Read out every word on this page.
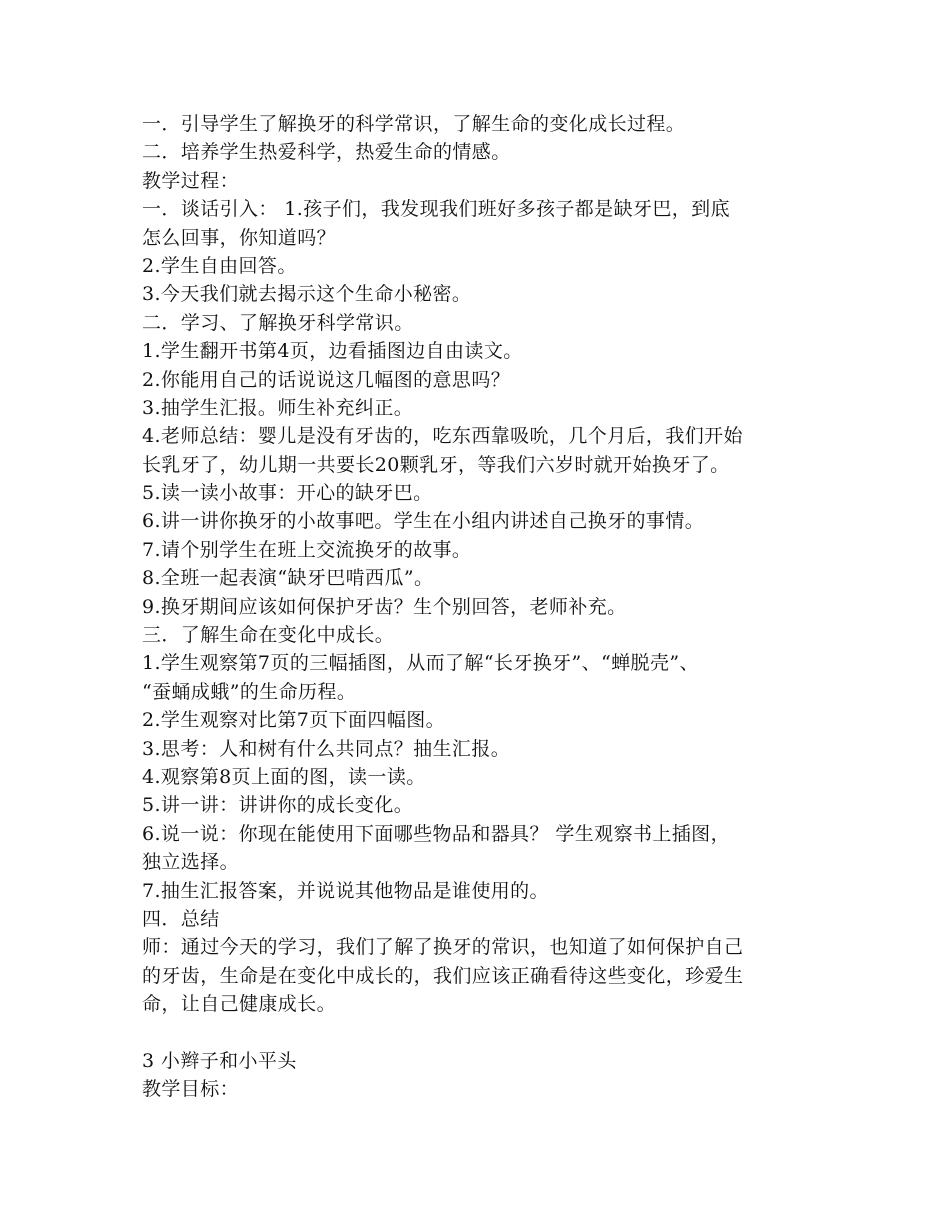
一．引导学生了解换牙的科学常识，了解生命的变化成长过程。
二．培养学生热爱科学，热爱生命的情感。
教学过程：
一．谈话引入： 1.孩子们，我发现我们班好多孩子都是缺牙巴，到底
怎么回事，你知道吗？
2.学生自由回答。
3.今天我们就去揭示这个生命小秘密。
二．学习、了解换牙科学常识。
1.学生翻开书第4页，边看插图边自由读文。
2.你能用自己的话说说这几幅图的意思吗？
3.抽学生汇报。师生补充纠正。
4.老师总结：婴儿是没有牙齿的，吃东西靠吸吮，几个月后，我们开始
长乳牙了，幼儿期一共要长20颗乳牙，等我们六岁时就开始换牙了。
5.读一读小故事：开心的缺牙巴。
6.讲一讲你换牙的小故事吧。学生在小组内讲述自己换牙的事情。
7.请个别学生在班上交流换牙的故事。
8.全班一起表演“缺牙巴啃西瓜”。
9.换牙期间应该如何保护牙齿？生个别回答，老师补充。
三．了解生命在变化中成长。
1.学生观察第7页的三幅插图，从而了解“长牙换牙”、“蝉脱壳”、
“蚕蛹成蛾”的生命历程。
2.学生观察对比第7页下面四幅图。
3.思考：人和树有什么共同点？抽生汇报。
4.观察第8页上面的图，读一读。
5.讲一讲：讲讲你的成长变化。
6.说一说：你现在能使用下面哪些物品和器具？ 学生观察书上插图，
独立选择。
7.抽生汇报答案，并说说其他物品是谁使用的。
四．总结
师：通过今天的学习，我们了解了换牙的常识，也知道了如何保护自己
的牙齿，生命是在变化中成长的，我们应该正确看待这些变化，珍爱生
命，让自己健康成长。
3 小辫子和小平头
教学目标：
